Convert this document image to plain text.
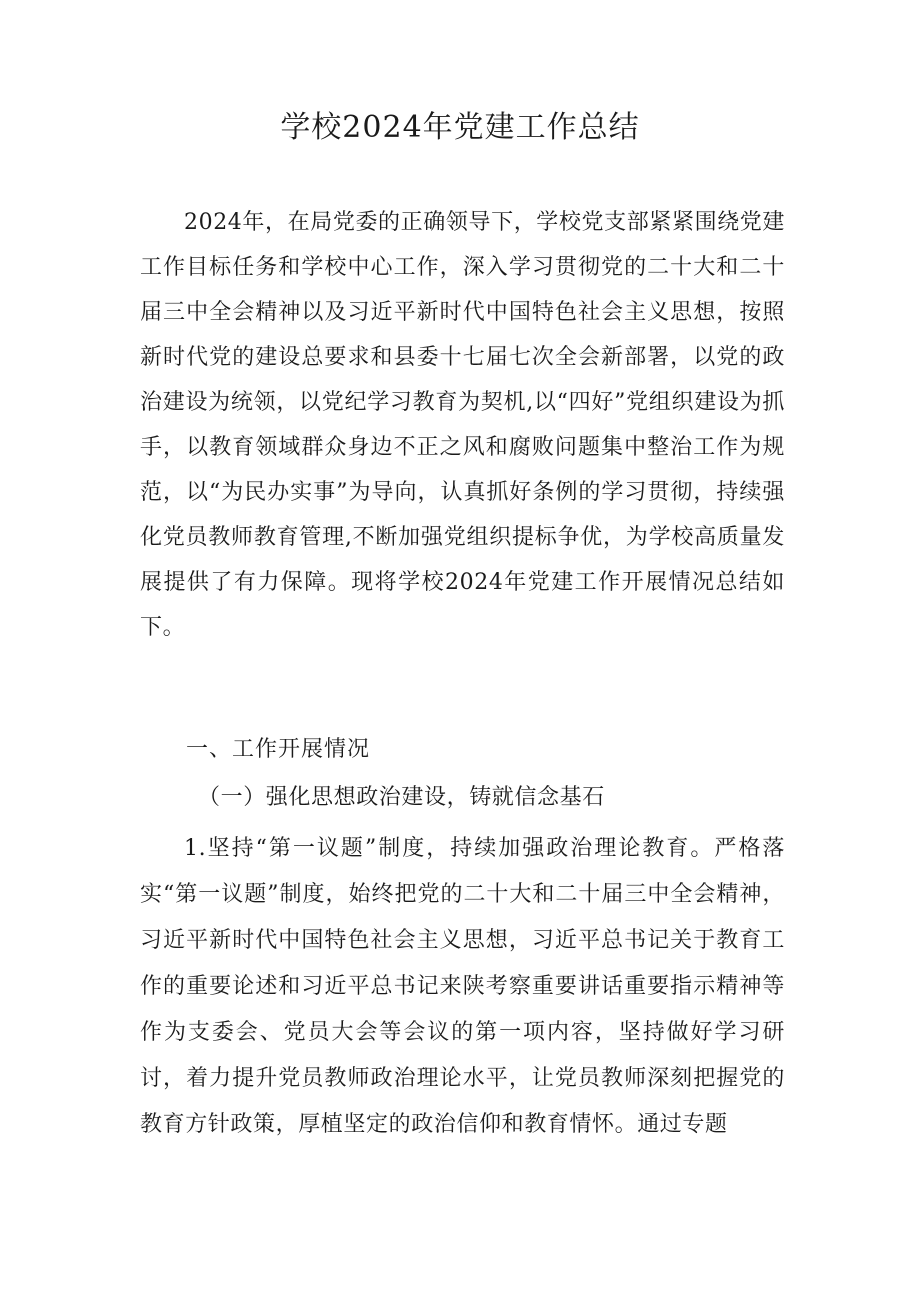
学校2024年党建工作总结

2024年，在局党委的正确领导下，学校党支部紧紧围绕党建工作目标任务和学校中心工作，深入学习贯彻党的二十大和二十届三中全会精神以及习近平新时代中国特色社会主义思想，按照新时代党的建设总要求和县委十七届七次全会新部署，以党的政治建设为统领，以党纪学习教育为契机,以“四好”党组织建设为抓手，以教育领域群众身边不正之风和腐败问题集中整治工作为规范，以“为民办实事”为导向，认真抓好条例的学习贯彻，持续强化党员教师教育管理,不断加强党组织提标争优，为学校高质量发展提供了有力保障。现将学校2024年党建工作开展情况总结如下。

一、工作开展情况
（一）强化思想政治建设，铸就信念基石

1.坚持“第一议题”制度，持续加强政治理论教育。严格落实“第一议题”制度，始终把党的二十大和二十届三中全会精神，习近平新时代中国特色社会主义思想，习近平总书记关于教育工作的重要论述和习近平总书记来陕考察重要讲话重要指示精神等作为支委会、党员大会等会议的第一项内容，坚持做好学习研讨，着力提升党员教师政治理论水平，让党员教师深刻把握党的教育方针政策，厚植坚定的政治信仰和教育情怀。通过专题
